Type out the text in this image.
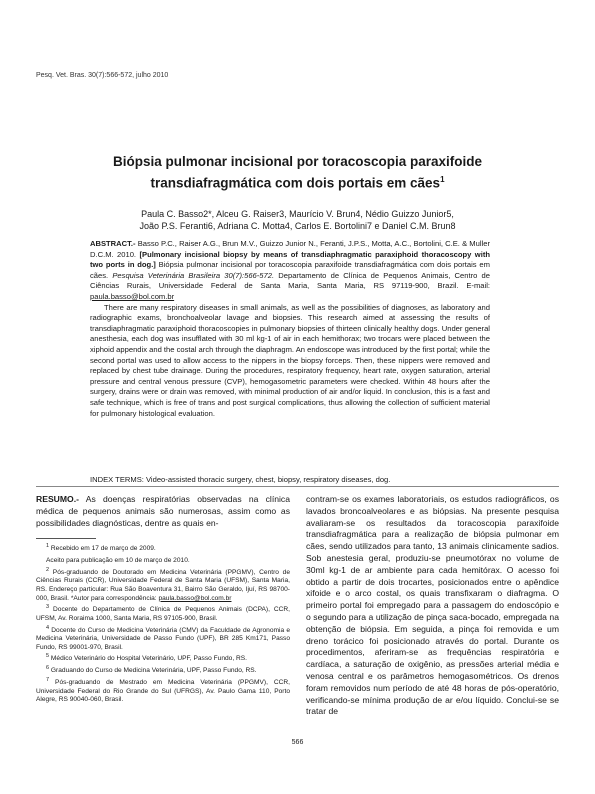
Pesq. Vet. Bras. 30(7):566-572, julho 2010
Biópsia pulmonar incisional por toracoscopia paraxifoide
transdiafragmática com dois portais em cães$^1$
Paula C. Basso2*, Alceu G. Raiser3, Maurício V. Brun4, Nédio Guizzo Junior5,
João P.S. Feranti6, Adriana C. Motta4, Carlos E. Bortolini7 e Daniel C.M. Brun8

ABSTRACT.- Basso P.C., Raiser A.G., Brun M.V., Guizzo Junior N., Feranti, J.P.S., Motta, A.C., Bortolini, C.E. & Muller D.C.M. 2010. [Pulmonary incisional biopsy by means of transdiaphragmatic paraxiphoid thoracoscopy with two ports in dog.] Biópsia pulmonar incisional por toracoscopia paraxifoide transdiafragmática com dois portais em cães. Pesquisa Veterinária Brasileira 30(7):566-572. Departamento de Clínica de Pequenos Animais, Centro de Ciências Rurais, Universidade Federal de Santa Maria, Santa Maria, RS 97119-900, Brazil. E-mail: paula.basso@bol.com.br

There are many respiratory diseases in small animals, as well as the possibilities of diagnoses, as laboratory and radiographic exams, bronchoalveolar lavage and biopsies. This research aimed at assessing the results of transdiaphragmatic paraxiphoid thoracoscopies in pulmonary biopsies of thirteen clinically healthy dogs. Under general anesthesia, each dog was insufflated with 30 ml kg-1 of air in each hemithorax; two trocars were placed between the xiphoid appendix and the costal arch through the diaphragm. An endoscope was introduced by the first portal; while the second portal was used to allow access to the nippers in the biopsy forceps. Then, these nippers were removed and replaced by chest tube drainage. During the procedures, respiratory frequency, heart rate, oxygen saturation, arterial pressure and central venous pressure (CVP), hemogasometric parameters were checked. Within 48 hours after the surgery, drains were or drain was removed, with minimal production of air and/or liquid. In conclusion, this is a fast and safe technique, which is free of trans and post surgical complications, thus allowing the collection of sufficient material for pulmonary histological evaluation.

INDEX TERMS: Video-assisted thoracic surgery, chest, biopsy, respiratory diseases, dog.
RESUMO.- As doenças respiratórias observadas na clínica médica de pequenos animais são numerosas, assim como as possibilidades diagnósticas, dentre as quais en-

$^1$ Recebido em 17 de março de 2009.

Aceito para publicação em 10 de março de 2010.

$^2$ Pós-graduando de Doutorado em Medicina Veterinária (PPGMV), Centro de Ciências Rurais (CCR), Universidade Federal de Santa Maria (UFSM), Santa Maria, RS. Endereço particular: Rua São Boaventura 31, Bairro São Geraldo, Ijuí, RS 98700-000, Brasil. *Autor para correspondência: paula.basso@bol.com.br

$^3$ Docente do Departamento de Clínica de Pequenos Animais (DCPA), CCR, UFSM, Av. Roraima 1000, Santa Maria, RS 97105-900, Brasil.

$^4$ Docente do Curso de Medicina Veterinária (CMV) da Faculdade de Agronomia e Medicina Veterinária, Universidade de Passo Fundo (UPF), BR 285 Km171, Passo Fundo, RS 99001-970, Brasil.

$^5$ Médico Veterinário do Hospital Veterinário, UPF, Passo Fundo, RS.

$^6$ Graduando do Curso de Medicina Veterinária, UPF, Passo Fundo, RS.

$^7$ Pós-graduando de Mestrado em Medicina Veterinária (PPGMV), CCR, Universidade Federal do Rio Grande do Sul (UFRGS), Av. Paulo Gama 110, Porto Alegre, RS 90040-060, Brasil.

contram-se os exames laboratoriais, os estudos radiográficos, os lavados broncoalveolares e as biópsias. Na presente pesquisa avaliaram-se os resultados da toracoscopia paraxifoide transdiafragmática para a realização de biópsia pulmonar em cães, sendo utilizados para tanto, 13 animais clinicamente sadios. Sob anestesia geral, produziu-se pneumotórax no volume de 30ml kg-1 de ar ambiente para cada hemitórax. O acesso foi obtido a partir de dois trocartes, posicionados entre o apêndice xifoide e o arco costal, os quais transfixaram o diafragma. O primeiro portal foi empregado para a passagem do endoscópio e o segundo para a utilização de pinça saca-bocado, empregada na obtenção de biópsia. Em seguida, a pinça foi removida e um dreno torácico foi posicionado através do portal. Durante os procedimentos, aferiram-se as frequências respiratória e cardíaca, a saturação de oxigênio, as pressões arterial média e venosa central e os parâmetros hemogasométricos. Os drenos foram removidos num período de até 48 horas de pós-operatório, verificando-se mínima produção de ar e/ou líquido. Conclui-se se tratar de
566
